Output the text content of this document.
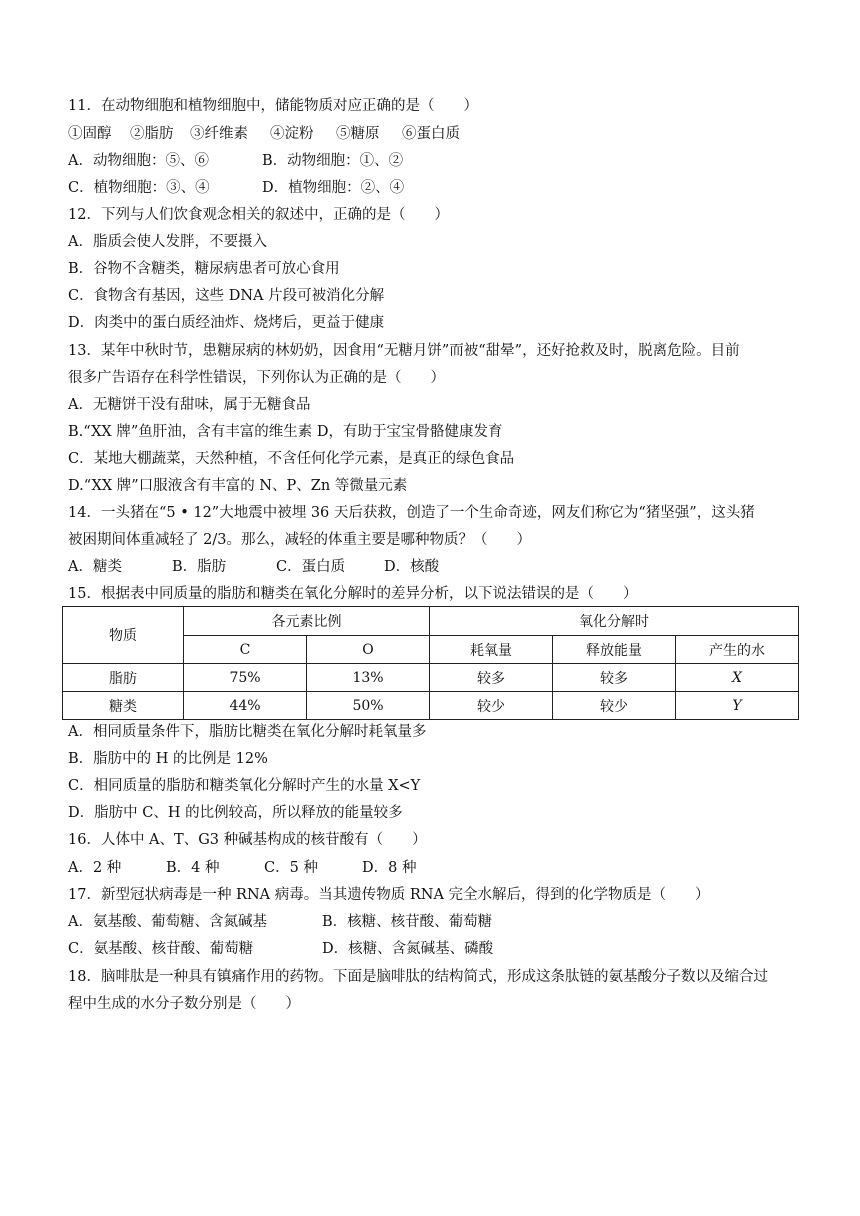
11．在动物细胞和植物细胞中，储能物质对应正确的是（　　）
①固醇 ②脂肪 ③纤维素 ④淀粉 ⑤糖原 ⑥蛋白质
A．动物细胞：⑤、⑥	B．动物细胞：①、②
C．植物细胞：③、④	D．植物细胞：②、④
12．下列与人们饮食观念相关的叙述中，正确的是（　　）
A．脂质会使人发胖，不要摄入
B．谷物不含糖类，糖尿病患者可放心食用
C．食物含有基因，这些 DNA 片段可被消化分解
D．肉类中的蛋白质经油炸、烧烤后，更益于健康
13．某年中秋时节，患糖尿病的林奶奶，因食用“无糖月饼”而被“甜晕”，还好抢救及时，脱离危险。目前
很多广告语存在科学性错误，下列你认为正确的是（　　）
A．无糖饼干没有甜味，属于无糖食品
B.“XX 牌”鱼肝油，含有丰富的维生素 D，有助于宝宝骨骼健康发育
C．某地大棚蔬菜，天然种植，不含任何化学元素，是真正的绿色食品
D.“XX 牌”口服液含有丰富的 N、P、Zn 等微量元素
14．一头猪在“5 • 12”大地震中被埋 36 天后获救，创造了一个生命奇迹，网友们称它为“猪坚强”，这头猪
被困期间体重减轻了 2/3。那么，减轻的体重主要是哪种物质？（　　）
A．糖类	B．脂肪	C．蛋白质	D．核酸
15．根据表中同质量的脂肪和糖类在氧化分解时的差异分析，以下说法错误的是（　　）
物质	各元素比例		氧化分解时		
	C	O	耗氧量	释放能量	产生的水
脂肪	75%	13%	较多	较多	X
糖类	44%	50%	较少	较少	Y
A．相同质量条件下，脂肪比糖类在氧化分解时耗氧量多
B．脂肪中的 H 的比例是 12%
C．相同质量的脂肪和糖类氧化分解时产生的水量 X<Y
D．脂肪中 C、H 的比例较高，所以释放的能量较多
16．人体中 A、T、G3 种碱基构成的核苷酸有（　　）
A．2 种	B．4 种	C．5 种	D．8 种
17．新型冠状病毒是一种 RNA 病毒。当其遗传物质 RNA 完全水解后，得到的化学物质是（　　）
A．氨基酸、葡萄糖、含氮碱基	B．核糖、核苷酸、葡萄糖
C．氨基酸、核苷酸、葡萄糖	D．核糖、含氮碱基、磷酸
18．脑啡肽是一种具有镇痛作用的药物。下面是脑啡肽的结构简式，形成这条肽链的氨基酸分子数以及缩合过
程中生成的水分子数分别是（　　）
